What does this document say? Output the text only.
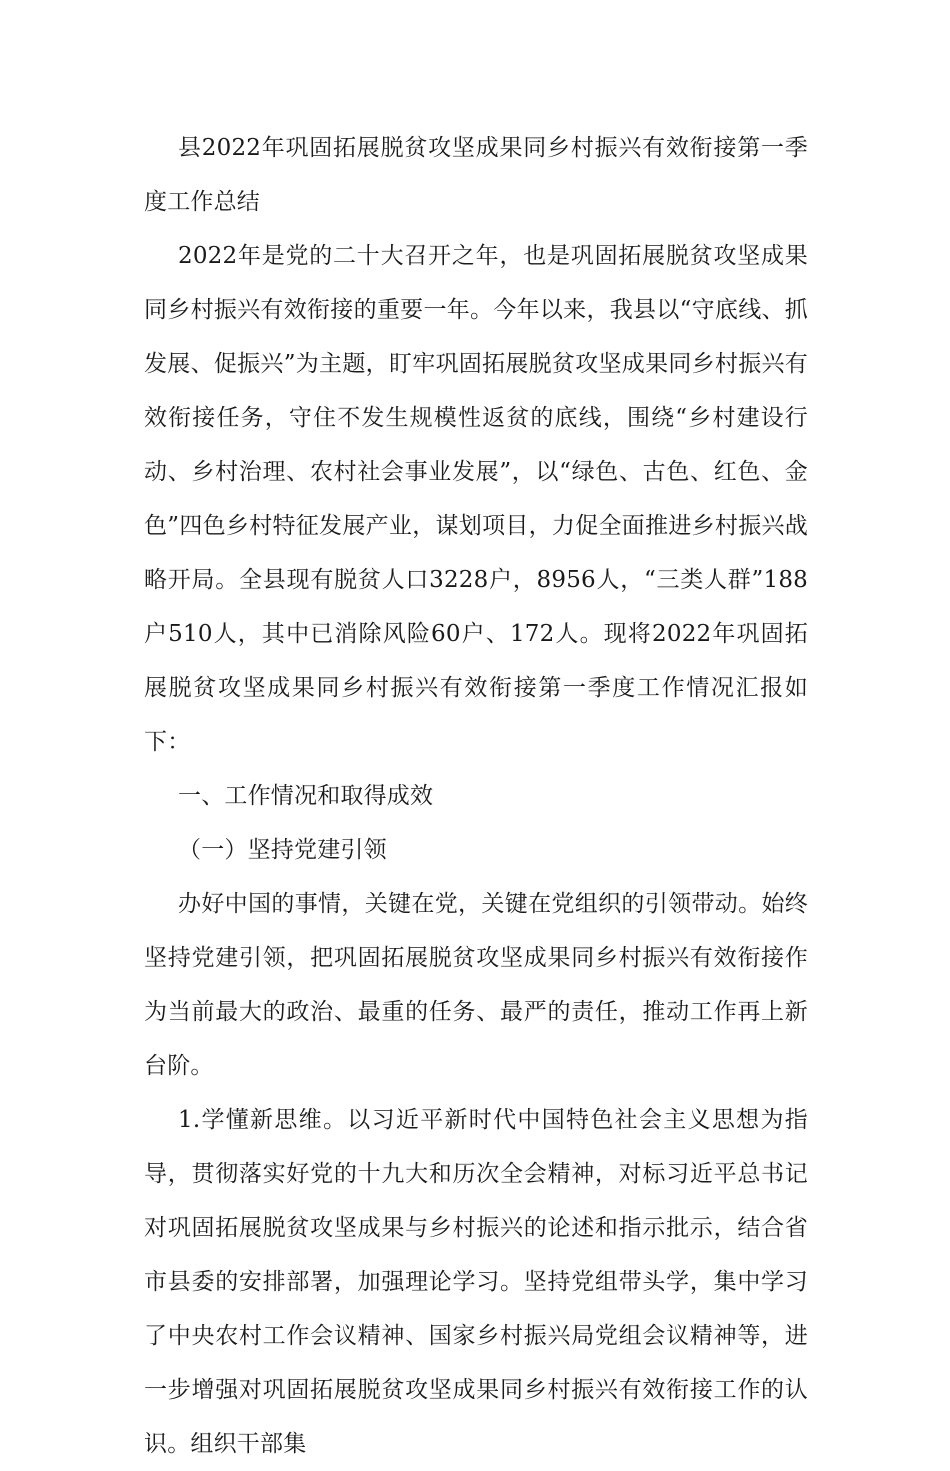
县2022年巩固拓展脱贫攻坚成果同乡村振兴有效衔接第一季度工作总结

2022年是党的二十大召开之年，也是巩固拓展脱贫攻坚成果同乡村振兴有效衔接的重要一年。今年以来，我县以“守底线、抓发展、促振兴”为主题，盯牢巩固拓展脱贫攻坚成果同乡村振兴有效衔接任务，守住不发生规模性返贫的底线，围绕“乡村建设行动、乡村治理、农村社会事业发展”，以“绿色、古色、红色、金色”四色乡村特征发展产业，谋划项目，力促全面推进乡村振兴战略开局。全县现有脱贫人口3228户，8956人，“三类人群”188户510人，其中已消除风险60户、172人。现将2022年巩固拓展脱贫攻坚成果同乡村振兴有效衔接第一季度工作情况汇报如下：

一、工作情况和取得成效

（一）坚持党建引领

办好中国的事情，关键在党，关键在党组织的引领带动。始终坚持党建引领，把巩固拓展脱贫攻坚成果同乡村振兴有效衔接作为当前最大的政治、最重的任务、最严的责任，推动工作再上新台阶。

1.学懂新思维。以习近平新时代中国特色社会主义思想为指导，贯彻落实好党的十九大和历次全会精神，对标习近平总书记对巩固拓展脱贫攻坚成果与乡村振兴的论述和指示批示，结合省市县委的安排部署，加强理论学习。坚持党组带头学，集中学习了中央农村工作会议精神、国家乡村振兴局党组会议精神等，进一步增强对巩固拓展脱贫攻坚成果同乡村振兴有效衔接工作的认识。组织干部集
